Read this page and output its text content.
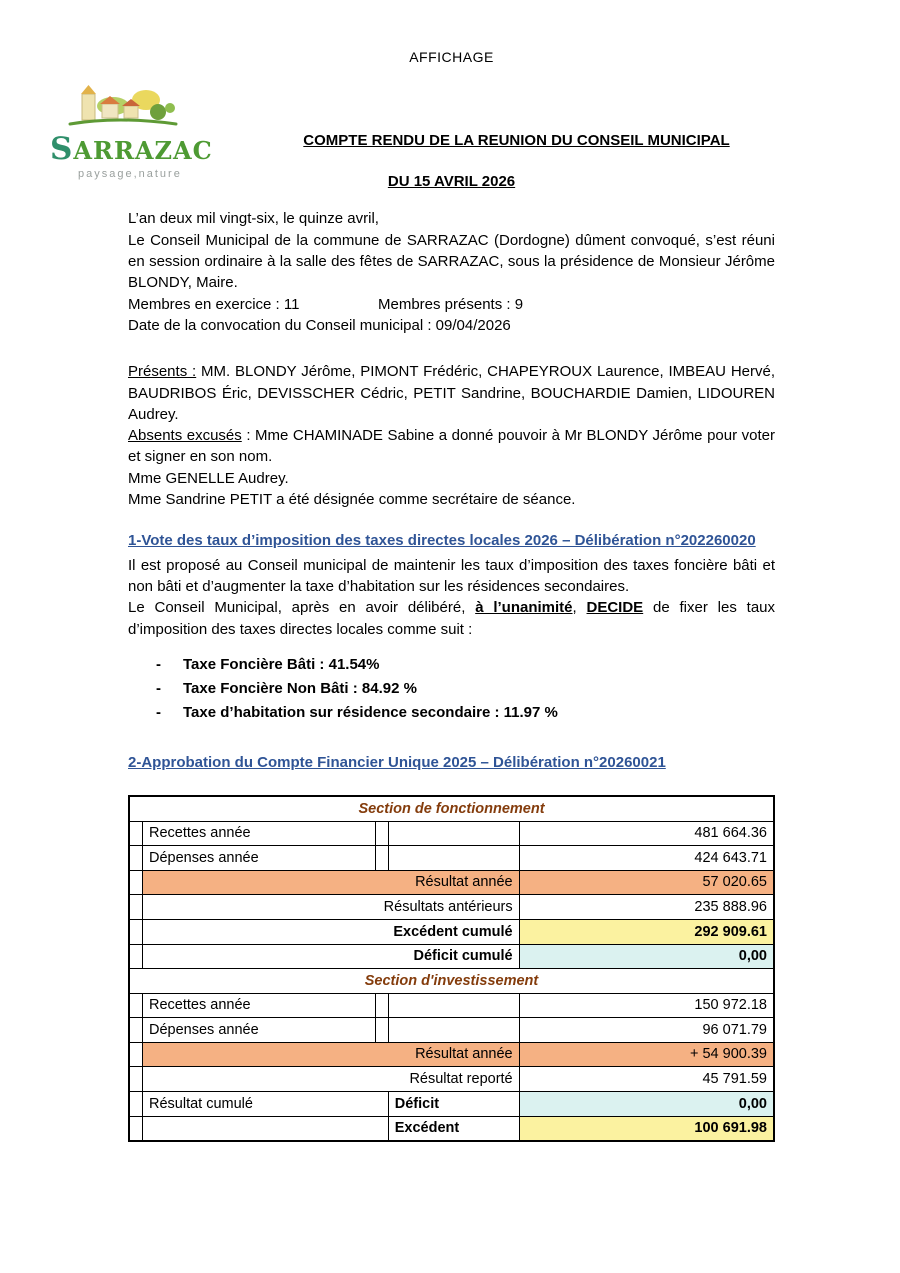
AFFICHAGE
SARRAZAC
paysage,nature
COMPTE RENDU DE LA REUNION DU CONSEIL MUNICIPAL
DU 15 AVRIL 2026

L’an deux mil vingt-six, le quinze avril,

Le Conseil Municipal de la commune de SARRAZAC (Dordogne) dûment convoqué, s’est réuni en session ordinaire à la salle des fêtes de SARRAZAC, sous la présidence de Monsieur Jérôme BLONDY, Maire.

Membres en exercice : 11	Membres présents : 9

Date de la convocation du Conseil municipal : 09/04/2026

Présents : MM. BLONDY Jérôme, PIMONT Frédéric, CHAPEYROUX Laurence, IMBEAU Hervé, BAUDRIBOS Éric, DEVISSCHER Cédric, PETIT Sandrine, BOUCHARDIE Damien, LIDOUREN Audrey.

Absents excusés : Mme CHAMINADE Sabine a donné pouvoir à Mr BLONDY Jérôme pour voter et signer en son nom.

Mme GENELLE Audrey.

Mme Sandrine PETIT a été désignée comme secrétaire de séance.

1-Vote des taux d’imposition des taxes directes locales 2026 – Délibération n°202260020

Il est proposé au Conseil municipal de maintenir les taux d’imposition des taxes foncière bâti et non bâti et d’augmenter la taxe d’habitation sur les résidences secondaires.

Le Conseil Municipal, après en avoir délibéré, à l’unanimité, DECIDE de fixer les taux d’imposition des taxes directes locales comme suit :

-	Taxe Foncière Bâti : 41.54%
-	Taxe Foncière Non Bâti : 84.92 %
-	Taxe d’habitation sur résidence secondaire : 11.97 %
2-Approbation du Compte Financier Unique 2025 – Délibération n°20260021
Section de fonctionnement				
	Recettes année			481 664.36
	Dépenses année			424 643.71
	Résultat année			57 020.65
	Résultats antérieurs			235 888.96
	Excédent cumulé			292 909.61
	Déficit cumulé			0,00
Section d'investissement				
	Recettes année			150 972.18
	Dépenses année			96 071.79
	Résultat année			+ 54 900.39
	Résultat reporté			45 791.59
	Résultat cumulé		Déficit	0,00
			Excédent	100 691.98
